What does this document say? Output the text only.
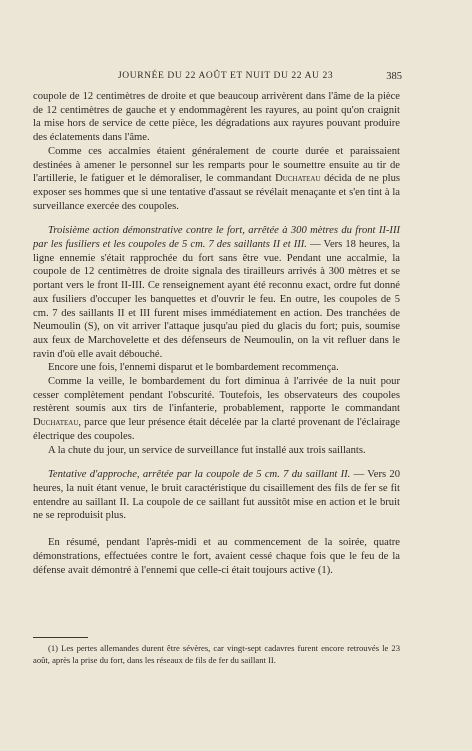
JOURNÉE DU 22 AOÛT ET NUIT DU 22 AU 23	385

coupole de 12 centimètres de droite et que beaucoup arrivèrent dans l'âme de la pièce de 12 centimètres de gauche et y endommagèrent les rayures, au point qu'on craignit la mise hors de service de cette pièce, les dégradations aux rayures pouvant produire des éclatements dans l'âme.

Comme ces accalmies étaient généralement de courte durée et paraissaient destinées à amener le personnel sur les remparts pour le soumettre ensuite au tir de l'artillerie, le fatiguer et le démoraliser, le commandant Duchateau décida de ne plus exposer ses hommes que si une tentative d'assaut se révélait menaçante et s'en tint à la surveillance exercée des coupoles.

Troisième action démonstrative contre le fort, arrêtée à 300 mètres du front II-III par les fusiliers et les coupoles de 5 cm. 7 des saillants II et III. — Vers 18 heures, la ligne ennemie s'était rapprochée du fort sans être vue. Pendant une accalmie, la coupole de 12 centimètres de droite signala des tirailleurs arrivés à 300 mètres et se portant vers le front II-III. Ce renseignement ayant été reconnu exact, ordre fut donné aux fusiliers d'occuper les banquettes et d'ouvrir le feu. En outre, les coupoles de 5 cm. 7 des saillants II et III furent mises immédiatement en action. Des tranchées de Neumoulin (S), on vit arriver l'attaque jusqu'au pied du glacis du fort; puis, soumise aux feux de Marchovelette et des défenseurs de Neumoulin, on la vit refluer dans le ravin d'où elle avait débouché.

Encore une fois, l'ennemi disparut et le bombardement recommença.

Comme la veille, le bombardement du fort diminua à l'arrivée de la nuit pour cesser complètement pendant l'obscurité. Toutefois, les observateurs des coupoles restèrent soumis aux tirs de l'infanterie, probablement, rapporte le commandant Duchateau, parce que leur présence était décelée par la clarté provenant de l'éclairage électrique des coupoles.

A la chute du jour, un service de surveillance fut installé aux trois saillants.

Tentative d'approche, arrêtée par la coupole de 5 cm. 7 du saillant II. — Vers 20 heures, la nuit étant venue, le bruit caractéristique du cisaillement des fils de fer se fit entendre au saillant II. La coupole de ce saillant fut aussitôt mise en action et le bruit ne se reproduisit plus.

En résumé, pendant l'après-midi et au commencement de la soirée, quatre démonstrations, effectuées contre le fort, avaient cessé chaque fois que le feu de la défense avait démontré à l'ennemi que celle-ci était toujours active (1).

(1) Les pertes allemandes durent être sévères, car vingt-sept cadavres furent encore retrouvés le 23 août, après la prise du fort, dans les réseaux de fils de fer du saillant II.
